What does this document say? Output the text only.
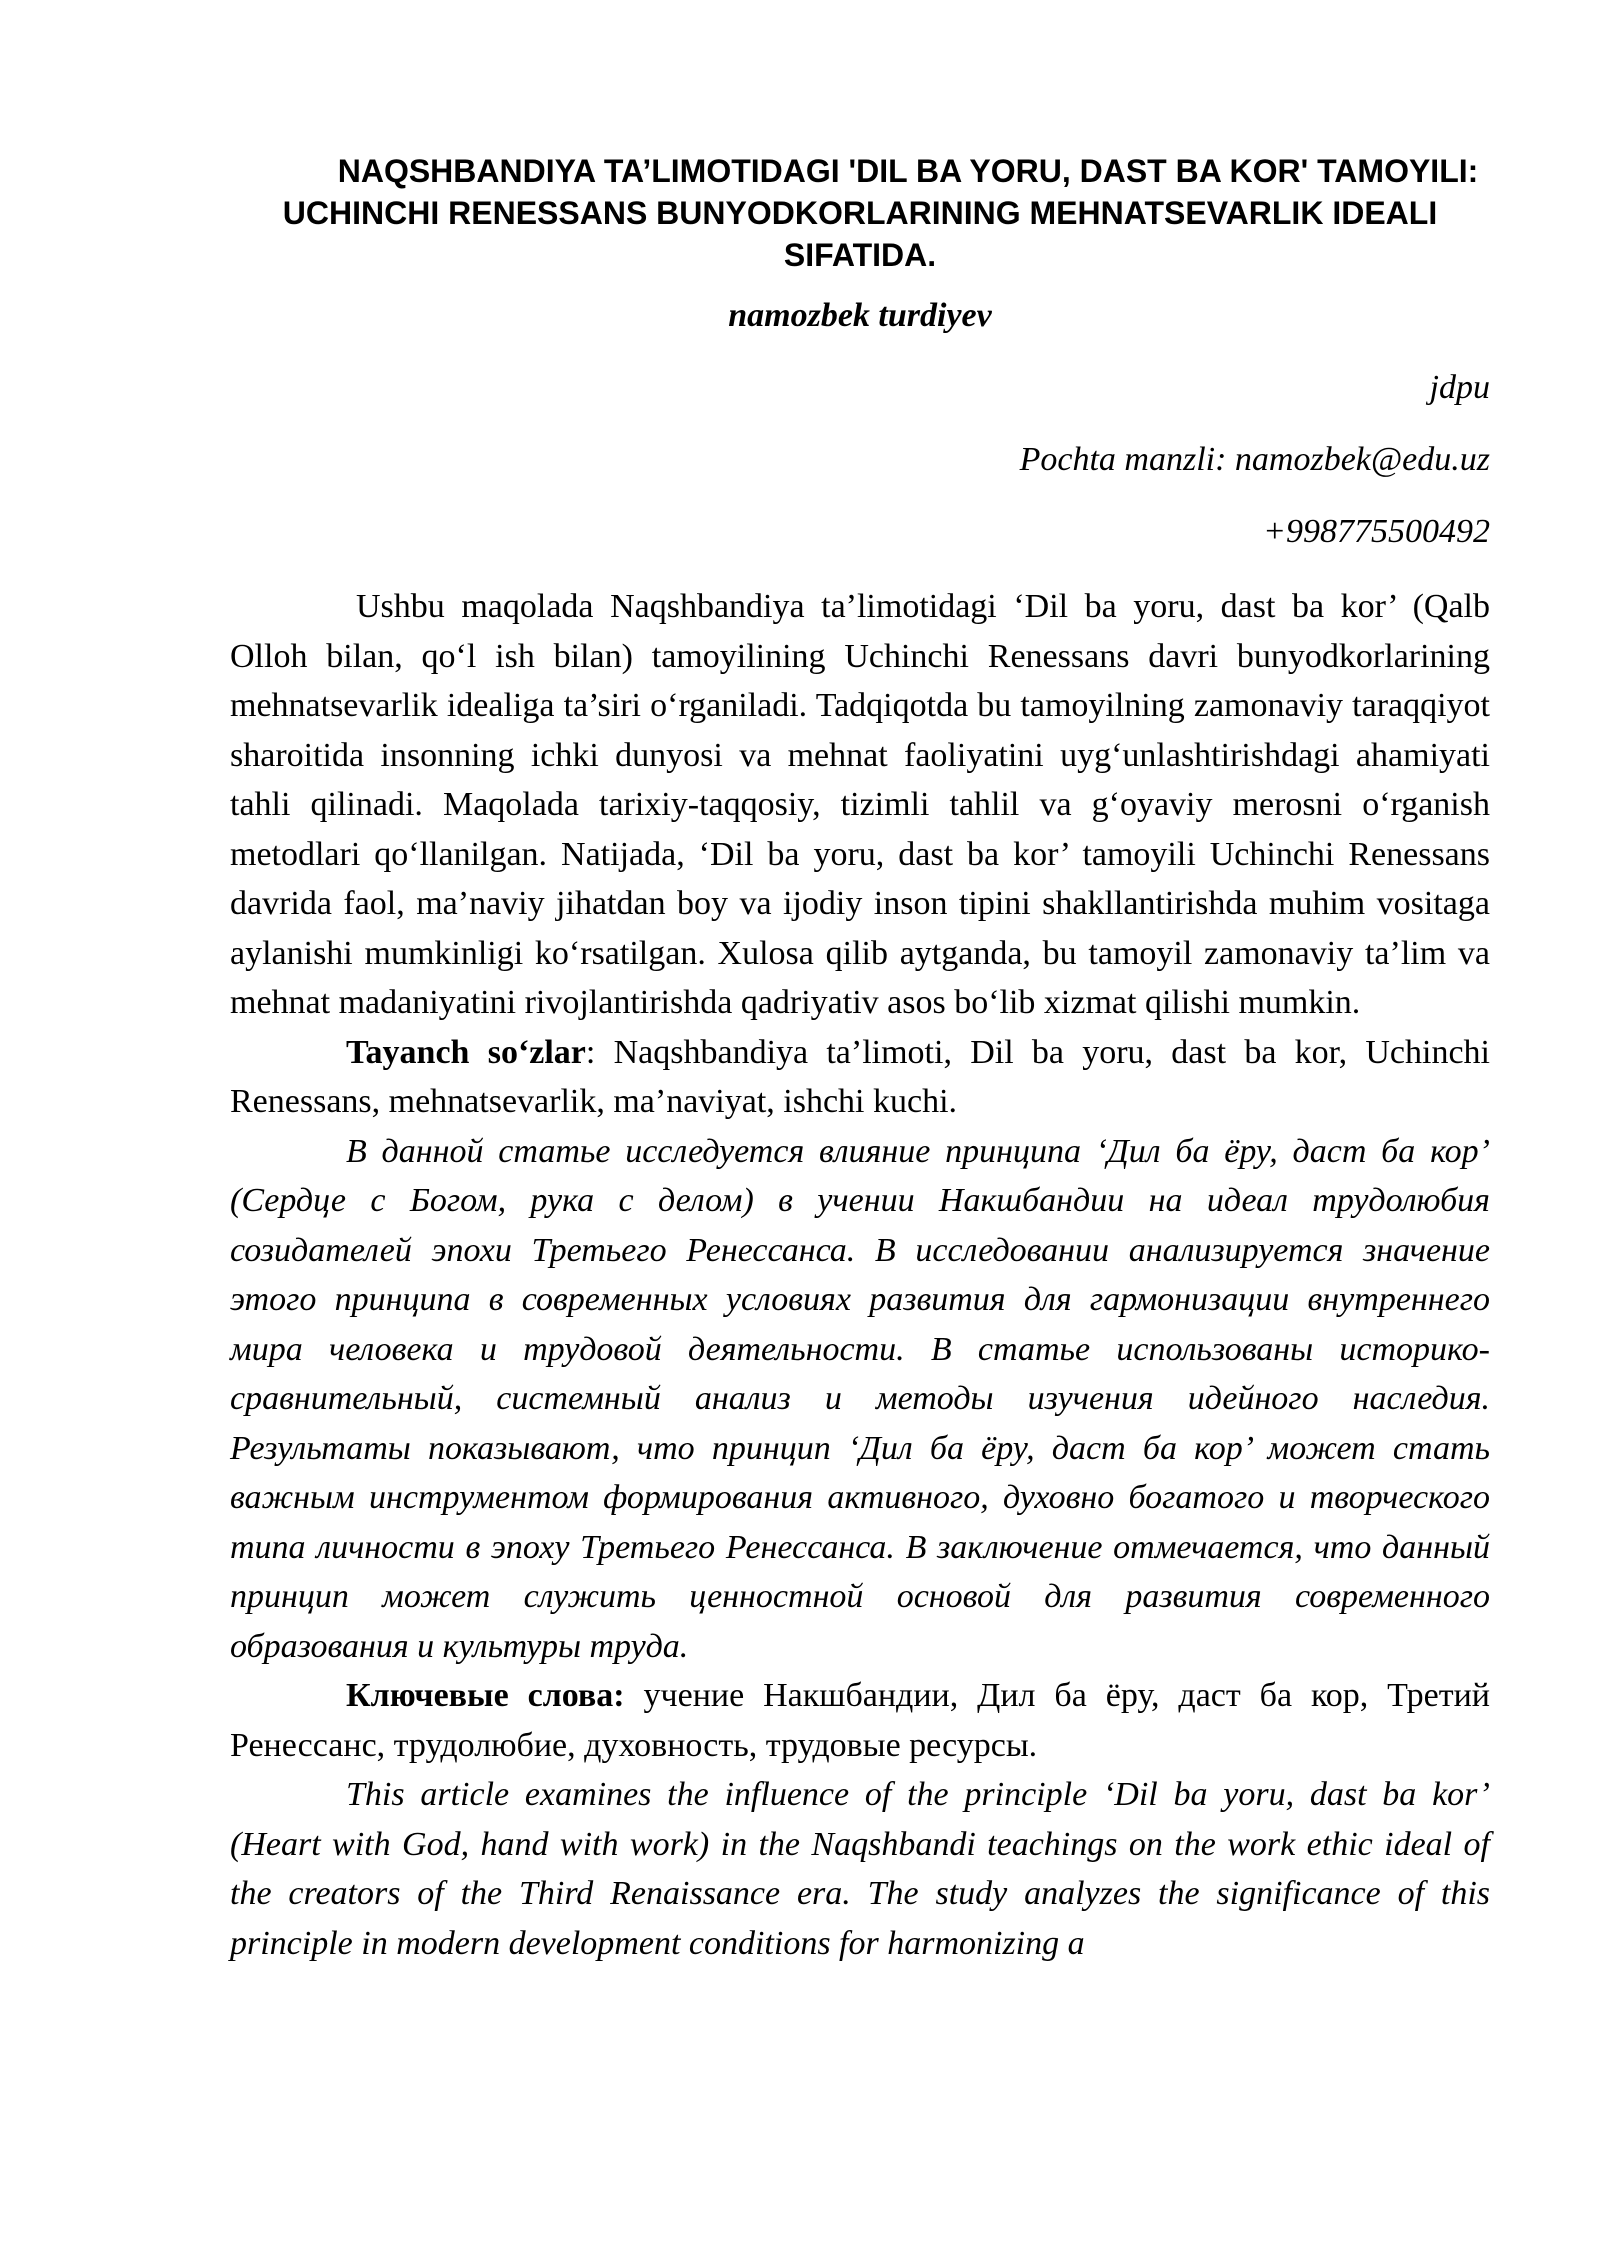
NAQSHBANDIYA TA’LIMOTIDAGI 'DIL BA YORU, DAST BA KOR' TAMOYILI: UCHINCHI RENESSANS BUNYODKORLARINING MEHNATSEVARLIK IDEALI SIFATIDA.

namozbek turdiyev

jdpu

Pochta manzli: namozbek@edu.uz

+998775500492

Ushbu maqolada Naqshbandiya ta’limotidagi ‘Dil ba yoru, dast ba kor’ (Qalb Olloh bilan, qo‘l ish bilan) tamoyilining Uchinchi Renessans davri bunyodkorlarining mehnatsevarlik idealiga ta’siri o‘rganiladi. Tadqiqotda bu tamoyilning zamonaviy taraqqiyot sharoitida insonning ichki dunyosi va mehnat faoliyatini uyg‘unlashtirishdagi ahamiyati tahli qilinadi. Maqolada tarixiy-taqqosiy, tizimli tahlil va g‘oyaviy merosni o‘rganish metodlari qo‘llanilgan. Natijada, ‘Dil ba yoru, dast ba kor’ tamoyili Uchinchi Renessans davrida faol, ma’naviy jihatdan boy va ijodiy inson tipini shakllantirishda muhim vositaga aylanishi mumkinligi ko‘rsatilgan. Xulosa qilib aytganda, bu tamoyil zamonaviy ta’lim va mehnat madaniyatini rivojlantirishda qadriyativ asos bo‘lib xizmat qilishi mumkin.

Tayanch so‘zlar: Naqshbandiya ta’limoti, Dil ba yoru, dast ba kor, Uchinchi Renessans, mehnatsevarlik, ma’naviyat, ishchi kuchi.

В данной статье исследуется влияние принципа ‘Дил ба ёру, даст ба кор’ (Сердце с Богом, рука с делом) в учении Накшбандии на идеал трудолюбия созидателей эпохи Третьего Ренессанса. В исследовании анализируется значение этого принципа в современных условиях развития для гармонизации внутреннего мира человека и трудовой деятельности. В статье использованы историко-сравнительный, системный анализ и методы изучения идейного наследия. Результаты показывают, что принцип ‘Дил ба ёру, даст ба кор’ может стать важным инструментом формирования активного, духовно богатого и творческого типа личности в эпоху Третьего Ренессанса. В заключение отмечается, что данный принцип может служить ценностной основой для развития современного образования и культуры труда.

Ключевые слова: учение Накшбандии, Дил ба ёру, даст ба кор, Третий Ренессанс, трудолюбие, духовность, трудовые ресурсы.

This article examines the influence of the principle ‘Dil ba yoru, dast ba kor’ (Heart with God, hand with work) in the Naqshbandi teachings on the work ethic ideal of the creators of the Third Renaissance era. The study analyzes the significance of this principle in modern development conditions for harmonizing a
